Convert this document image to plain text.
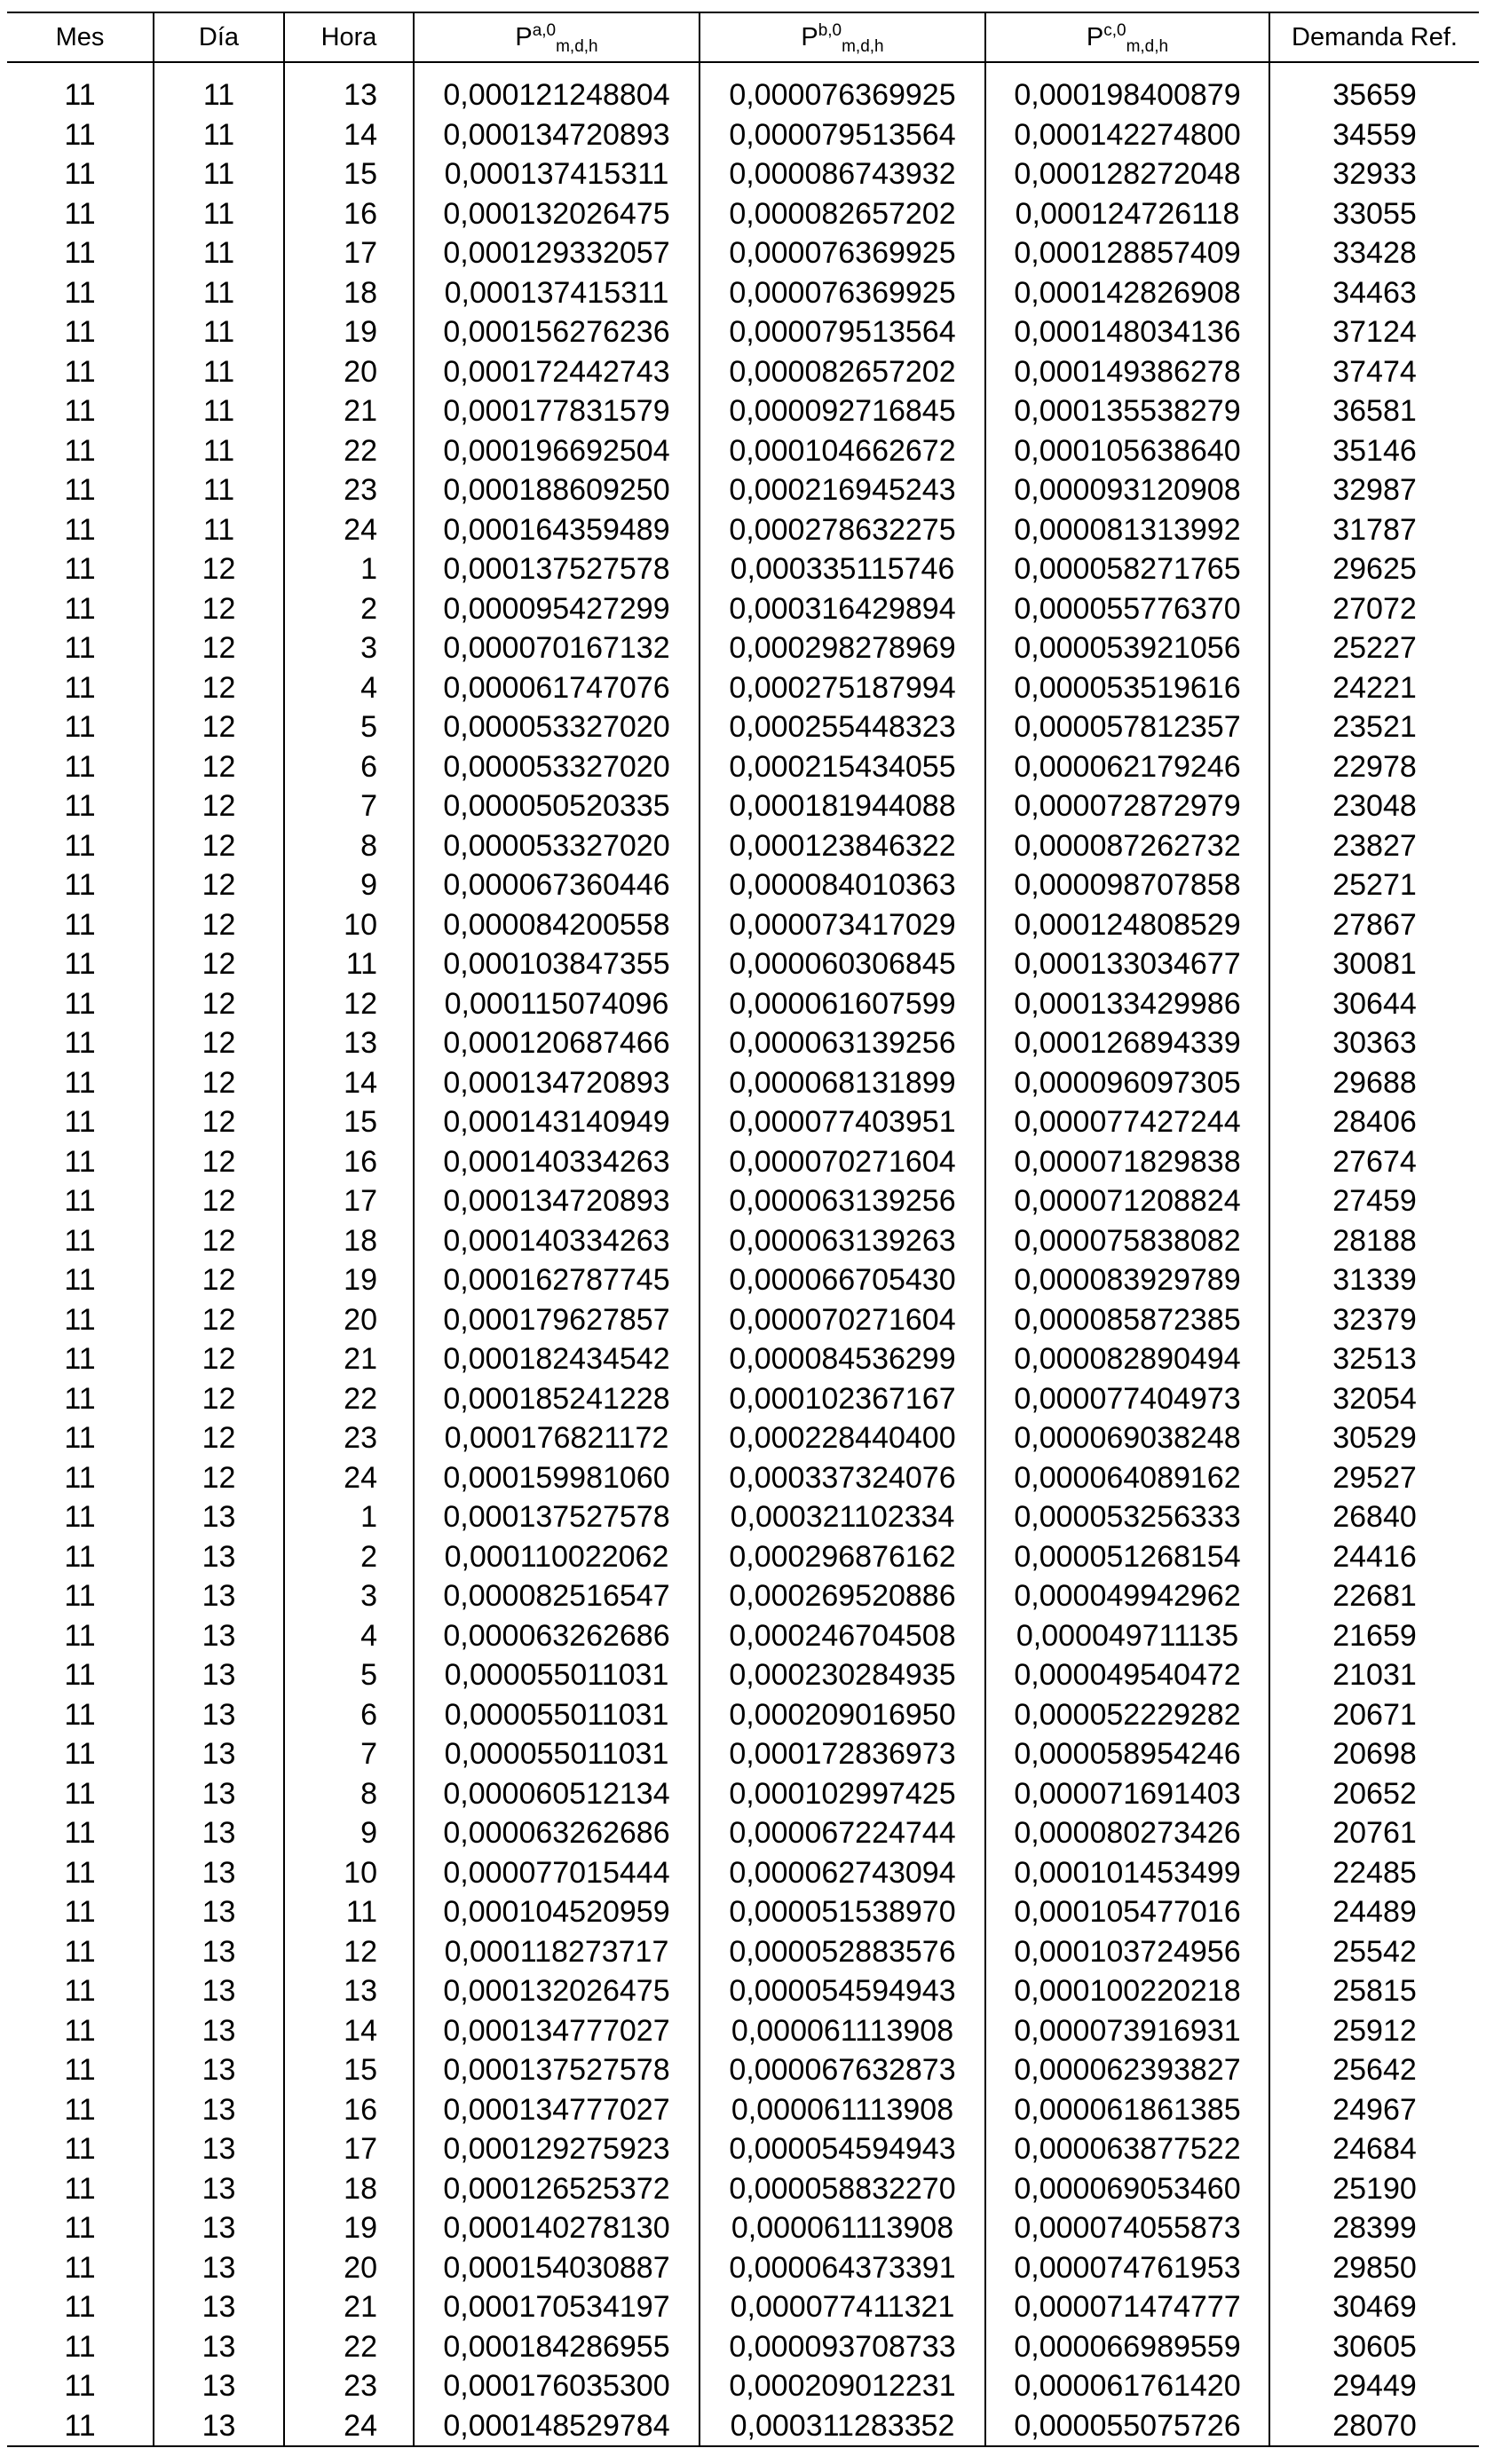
Mes	Día	Hora	P$^{a,0}_{m,d,h}$	P$^{b,0}_{m,d,h}$	P$^{c,0}_{m,d,h}$	Demanda Ref.
11	11	13	0,000121248804	0,000076369925	0,000198400879	35659
11	11	14	0,000134720893	0,000079513564	0,000142274800	34559
11	11	15	0,000137415311	0,000086743932	0,000128272048	32933
11	11	16	0,000132026475	0,000082657202	0,000124726118	33055
11	11	17	0,000129332057	0,000076369925	0,000128857409	33428
11	11	18	0,000137415311	0,000076369925	0,000142826908	34463
11	11	19	0,000156276236	0,000079513564	0,000148034136	37124
11	11	20	0,000172442743	0,000082657202	0,000149386278	37474
11	11	21	0,000177831579	0,000092716845	0,000135538279	36581
11	11	22	0,000196692504	0,000104662672	0,000105638640	35146
11	11	23	0,000188609250	0,000216945243	0,000093120908	32987
11	11	24	0,000164359489	0,000278632275	0,000081313992	31787
11	12	1	0,000137527578	0,000335115746	0,000058271765	29625
11	12	2	0,000095427299	0,000316429894	0,000055776370	27072
11	12	3	0,000070167132	0,000298278969	0,000053921056	25227
11	12	4	0,000061747076	0,000275187994	0,000053519616	24221
11	12	5	0,000053327020	0,000255448323	0,000057812357	23521
11	12	6	0,000053327020	0,000215434055	0,000062179246	22978
11	12	7	0,000050520335	0,000181944088	0,000072872979	23048
11	12	8	0,000053327020	0,000123846322	0,000087262732	23827
11	12	9	0,000067360446	0,000084010363	0,000098707858	25271
11	12	10	0,000084200558	0,000073417029	0,000124808529	27867
11	12	11	0,000103847355	0,000060306845	0,000133034677	30081
11	12	12	0,000115074096	0,000061607599	0,000133429986	30644
11	12	13	0,000120687466	0,000063139256	0,000126894339	30363
11	12	14	0,000134720893	0,000068131899	0,000096097305	29688
11	12	15	0,000143140949	0,000077403951	0,000077427244	28406
11	12	16	0,000140334263	0,000070271604	0,000071829838	27674
11	12	17	0,000134720893	0,000063139256	0,000071208824	27459
11	12	18	0,000140334263	0,000063139263	0,000075838082	28188
11	12	19	0,000162787745	0,000066705430	0,000083929789	31339
11	12	20	0,000179627857	0,000070271604	0,000085872385	32379
11	12	21	0,000182434542	0,000084536299	0,000082890494	32513
11	12	22	0,000185241228	0,000102367167	0,000077404973	32054
11	12	23	0,000176821172	0,000228440400	0,000069038248	30529
11	12	24	0,000159981060	0,000337324076	0,000064089162	29527
11	13	1	0,000137527578	0,000321102334	0,000053256333	26840
11	13	2	0,000110022062	0,000296876162	0,000051268154	24416
11	13	3	0,000082516547	0,000269520886	0,000049942962	22681
11	13	4	0,000063262686	0,000246704508	0,000049711135	21659
11	13	5	0,000055011031	0,000230284935	0,000049540472	21031
11	13	6	0,000055011031	0,000209016950	0,000052229282	20671
11	13	7	0,000055011031	0,000172836973	0,000058954246	20698
11	13	8	0,000060512134	0,000102997425	0,000071691403	20652
11	13	9	0,000063262686	0,000067224744	0,000080273426	20761
11	13	10	0,000077015444	0,000062743094	0,000101453499	22485
11	13	11	0,000104520959	0,000051538970	0,000105477016	24489
11	13	12	0,000118273717	0,000052883576	0,000103724956	25542
11	13	13	0,000132026475	0,000054594943	0,000100220218	25815
11	13	14	0,000134777027	0,000061113908	0,000073916931	25912
11	13	15	0,000137527578	0,000067632873	0,000062393827	25642
11	13	16	0,000134777027	0,000061113908	0,000061861385	24967
11	13	17	0,000129275923	0,000054594943	0,000063877522	24684
11	13	18	0,000126525372	0,000058832270	0,000069053460	25190
11	13	19	0,000140278130	0,000061113908	0,000074055873	28399
11	13	20	0,000154030887	0,000064373391	0,000074761953	29850
11	13	21	0,000170534197	0,000077411321	0,000071474777	30469
11	13	22	0,000184286955	0,000093708733	0,000066989559	30605
11	13	23	0,000176035300	0,000209012231	0,000061761420	29449
11	13	24	0,000148529784	0,000311283352	0,000055075726	28070
